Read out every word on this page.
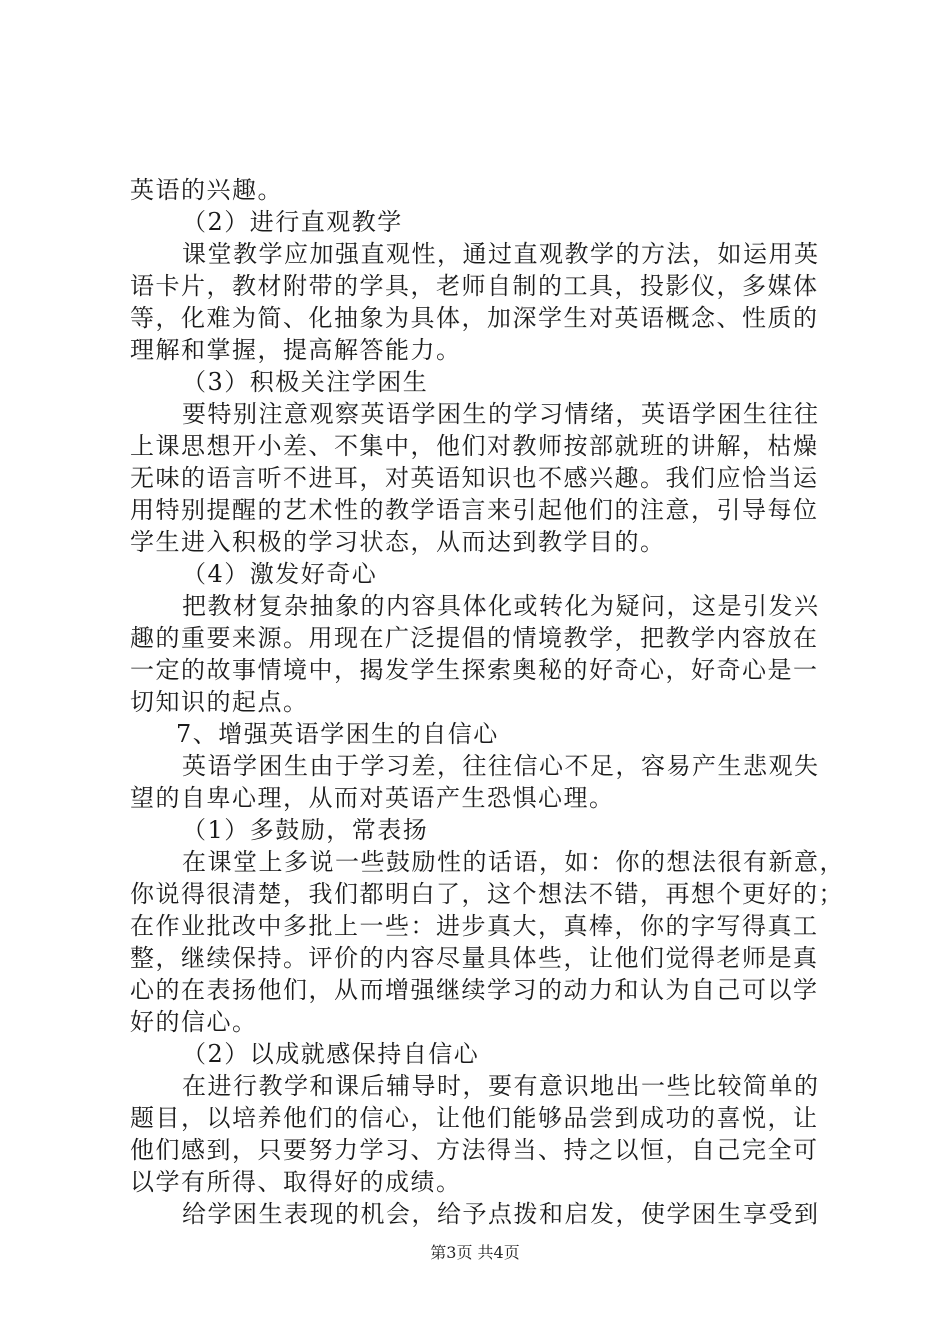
英语的兴趣。
（2）进行直观教学
课堂教学应加强直观性，通过直观教学的方法，如运用英
语卡片，教材附带的学具，老师自制的工具，投影仪，多媒体
等，化难为简、化抽象为具体，加深学生对英语概念、性质的
理解和掌握，提高解答能力。
（3）积极关注学困生
要特别注意观察英语学困生的学习情绪，英语学困生往往
上课思想开小差、不集中，他们对教师按部就班的讲解，枯燥
无味的语言听不进耳，对英语知识也不感兴趣。我们应恰当运
用特别提醒的艺术性的教学语言来引起他们的注意，引导每位
学生进入积极的学习状态，从而达到教学目的。
（4）激发好奇心
把教材复杂抽象的内容具体化或转化为疑问，这是引发兴
趣的重要来源。用现在广泛提倡的情境教学，把教学内容放在
一定的故事情境中，揭发学生探索奥秘的好奇心，好奇心是一
切知识的起点。
7、增强英语学困生的自信心
英语学困生由于学习差，往往信心不足，容易产生悲观失
望的自卑心理，从而对英语产生恐惧心理。
（1）多鼓励，常表扬
在课堂上多说一些鼓励性的话语，如：你的想法很有新意，
你说得很清楚，我们都明白了，这个想法不错，再想个更好的；
在作业批改中多批上一些：进步真大，真棒，你的字写得真工
整，继续保持。评价的内容尽量具体些，让他们觉得老师是真
心的在表扬他们，从而增强继续学习的动力和认为自己可以学
好的信心。
（2）以成就感保持自信心
在进行教学和课后辅导时，要有意识地出一些比较简单的
题目，以培养他们的信心，让他们能够品尝到成功的喜悦，让
他们感到，只要努力学习、方法得当、持之以恒，自己完全可
以学有所得、取得好的成绩。
给学困生表现的机会，给予点拨和启发，使学困生享受到
第3页 共4页
